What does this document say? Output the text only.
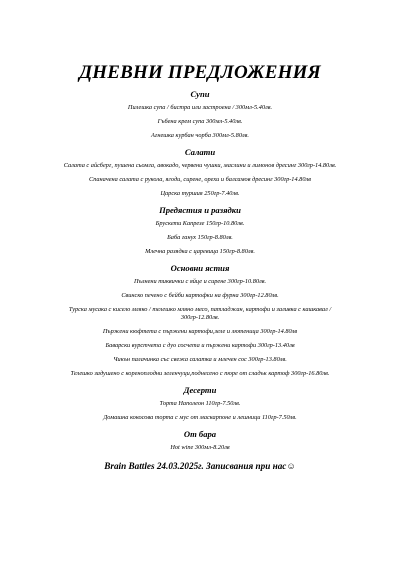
ДНЕВНИ ПРЕДЛОЖЕНИЯ
Супи
Пилешка супа / бистра или застроена / 300мл-5.40лв.
Гъбена крем супа 300мл-5.40лв.
Агнешка курбан чорба 300мл-5.80лв.
Салати
Салата с айсберг, пушена сьомга, авокадо, червени чушки, маслини и лимонов дресинг 300гр-14.80лв.
Спаначена салата с рукола, ягоди, сирене, орехи и балсамов дресинг 300гр-14.80лв
Царска туршия 250гр-7.40лв.
Предястия и разядки
Брускети Капрезе 150гр-10.80лв.
Баба ганух 150гр-8.80лв.
Млечна разядка с царевица 150гр-8.80лв.
Основни ястия
Пълнени тиквички с яйце и сирене 300гр-10.80лв.
Свинско печено с бейби картофки на фурна 300гр-12.80лв.
Турска мусака с кисело мляко / телешко мляно месо, патладжан, картофи и заливка с кашкавал / 300гр-12.80лв.
Пържени кюфтета с пържени картофи,зеле и лютеница 300гр-14.80лв
Баварски вурстчета с дуо сосчета и пържени картофи 300гр-13.40лв
Чикън палачинка със свежа салатка и млечен сос 300гр-13.80лв.
Телешко задушено с кореноплодни зеленчуци,поднесено с пюре от сладък картоф 300гр-16.80лв.
Десерти
Торта Наполеон 110гр-7.50лв.
Домашна кокосова торта с мус от маскарпоне и лешници 110гр-7.50лв.
От бара
Hot wine 300мл-8.20лв
Brain Battles 24.03.2025г. Записвания при нас☺
